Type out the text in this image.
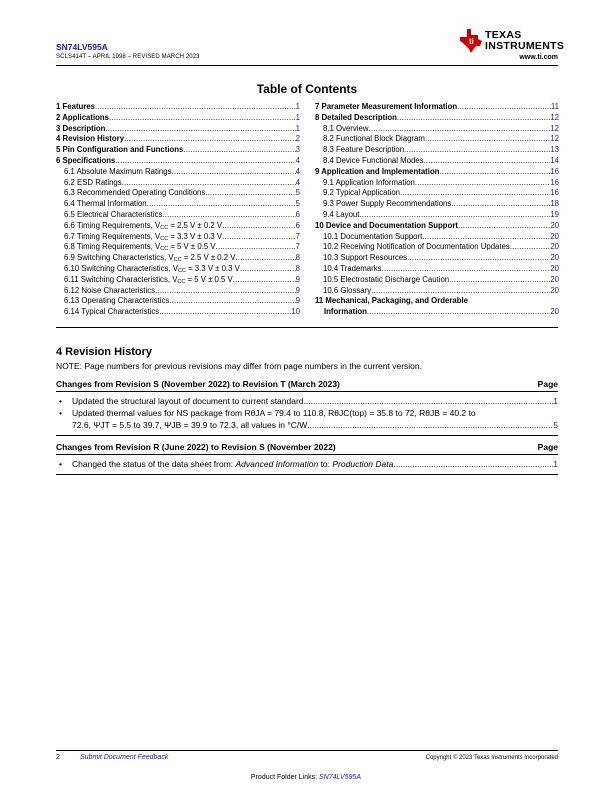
SN74LV595A
SCLS414T – APRIL 1998 – REVISED MARCH 2023
ti
TEXAS
INSTRUMENTS
www.ti.com
Table of Contents
1 Features .....	1
2 Applications .....	1
3 Description .....	1
4 Revision History .....	2
5 Pin Configuration and Functions .....	3
6 Specifications .....	4
6.1 Absolute Maximum Ratings .....	4
6.2 ESD Ratings .....	4
6.3 Recommended Operating Conditions .....	5
6.4 Thermal Information .....	5
6.5 Electrical Characteristics .....	6
6.6 Timing Requirements, $V_{CC} = 2.5$ V ± 0.2 V .....	6
6.7 Timing Requirements, $V_{CC} = 3.3$ V ± 0.3 V .....	7
6.8 Timing Requirements, $V_{CC} = 5$ V ± 0.5 V .....	7
6.9 Switching Characteristics, $V_{CC} = 2.5$ V ± 0.2 V .....	8
6.10 Switching Characteristics, $V_{CC} = 3.3$ V ± 0.3 V .....	8
6.11 Switching Characteristics, $V_{CC} = 5$ V ± 0.5 V .....	9
6.12 Noise Characteristics .....	9
6.13 Operating Characteristics .....	9
6.14 Typical Characteristics .....	10
7 Parameter Measurement Information .....	11
8 Detailed Description .....	12
8.1 Overview .....	12
8.2 Functional Block Diagram .....	12
8.3 Feature Description .....	13
8.4 Device Functional Modes .....	14
9 Application and Implementation .....	16
9.1 Application Information .....	16
9.2 Typical Application .....	16
9.3 Power Supply Recommendations .....	18
9.4 Layout .....	19
10 Device and Documentation Support .....	20
10.1 Documentation Support .....	20
10.2 Receiving Notification of Documentation Updates .....	20
10.3 Support Resources .....	20
10.4 Trademarks .....	20
10.5 Electrostatic Discharge Caution .....	20
10.6 Glossary .....	20
11 Mechanical, Packaging, and Orderable
Information .....	20
4 Revision History
NOTE: Page numbers for previous revisions may differ from page numbers in the current version.
Changes from Revision S (November 2022) to Revision T (March 2023)	Page
• Updated the structural layout of document to current standard .....	1
• Updated thermal values for NS package from RθJA = 79.4 to 110.8, RθJC(top) = 35.8 to 72, RθJB = 40.2 to
72.6, ΨJT = 5.5 to 39.7, ΨJB = 39.9 to 72.3, all values in °C/W .....	5
Changes from Revision R (June 2022) to Revision S (November 2022)	Page
• Changed the status of the data sheet from: Advanced Information to: Production Data .....	1
2	Submit Document Feedback	Copyright © 2023 Texas Instruments Incorporated
Product Folder Links: SN74LV595A
